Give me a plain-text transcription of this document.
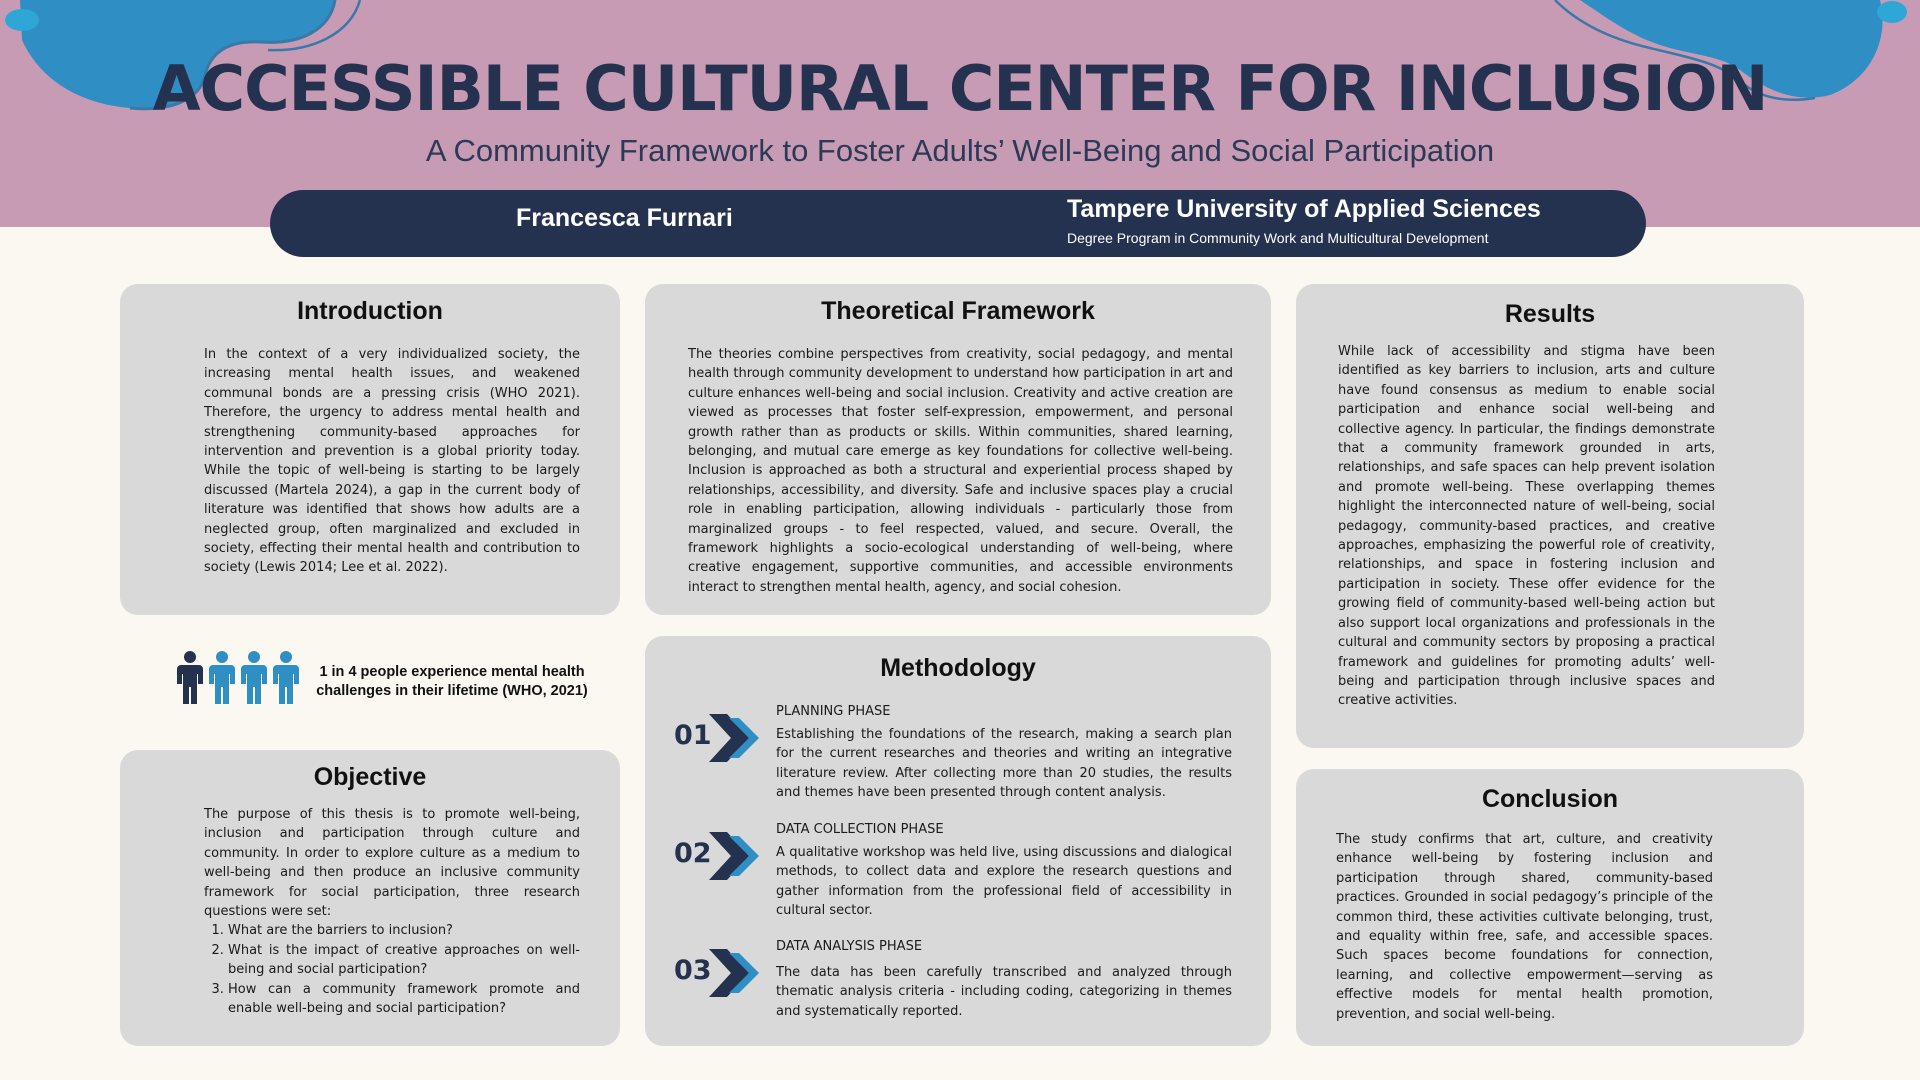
ACCESSIBLE CULTURAL CENTER FOR INCLUSION
A Community Framework to Foster Adults’ Well-Being and Social Participation
Francesca Furnari	Tampere University of Applied Sciences
Degree Program in Community Work and Multicultural Development
Introduction
In the context of a very individualized society, the increasing mental health issues, and weakened communal bonds are a pressing crisis (WHO 2021). Therefore, the urgency to address mental health and strengthening community-based approaches for intervention and prevention is a global priority today. While the topic of well-being is starting to be largely discussed (Martela 2024), a gap in the current body of literature was identified that shows how adults are a neglected group, often marginalized and excluded in society, effecting their mental health and contribution to society (Lewis 2014; Lee et al. 2022).
1 in 4 people experience mental health challenges in their lifetime (WHO, 2021)
Objective
The purpose of this thesis is to promote well-being, inclusion and participation through culture and community. In order to explore culture as a medium to well-being and then produce an inclusive community framework for social participation, three research questions were set:
1. What are the barriers to inclusion?
2. What is the impact of creative approaches on well-being and social participation?
3. How can a community framework promote and enable well-being and social participation?
Theoretical Framework
The theories combine perspectives from creativity, social pedagogy, and mental health through community development to understand how participation in art and culture enhances well-being and social inclusion. Creativity and active creation are viewed as processes that foster self-expression, empowerment, and personal growth rather than as products or skills. Within communities, shared learning, belonging, and mutual care emerge as key foundations for collective well-being. Inclusion is approached as both a structural and experiential process shaped by relationships, accessibility, and diversity. Safe and inclusive spaces play a crucial role in enabling participation, allowing individuals - particularly those from marginalized groups - to feel respected, valued, and secure. Overall, the framework highlights a socio-ecological understanding of well-being, where creative engagement, supportive communities, and accessible environments interact to strengthen mental health, agency, and social cohesion.
Methodology
01
PLANNING PHASE
Establishing the foundations of the research, making a search plan for the current researches and theories and writing an integrative literature review. After collecting more than 20 studies, the results and themes have been presented through content analysis.
02
DATA COLLECTION PHASE
A qualitative workshop was held live, using discussions and dialogical methods, to collect data and explore the research questions and gather information from the professional field of accessibility in cultural sector.
03
DATA ANALYSIS PHASE
The data has been carefully transcribed and analyzed through thematic analysis criteria - including coding, categorizing in themes and systematically reported.
Results
While lack of accessibility and stigma have been identified as key barriers to inclusion, arts and culture have found consensus as medium to enable social participation and enhance social well-being and collective agency. In particular, the findings demonstrate that a community framework grounded in arts, relationships, and safe spaces can help prevent isolation and promote well-being. These overlapping themes highlight the interconnected nature of well-being, social pedagogy, community-based practices, and creative approaches, emphasizing the powerful role of creativity, relationships, and space in fostering inclusion and participation in society. These offer evidence for the growing field of community-based well-being action but also support local organizations and professionals in the cultural and community sectors by proposing a practical framework and guidelines for promoting adults’ well-being and participation through inclusive spaces and creative activities.
Conclusion
The study confirms that art, culture, and creativity enhance well-being by fostering inclusion and participation through shared, community-based practices. Grounded in social pedagogy’s principle of the common third, these activities cultivate belonging, trust, and equality within free, safe, and accessible spaces. Such spaces become foundations for connection, learning, and collective empowerment—serving as effective models for mental health promotion, prevention, and social well-being.
